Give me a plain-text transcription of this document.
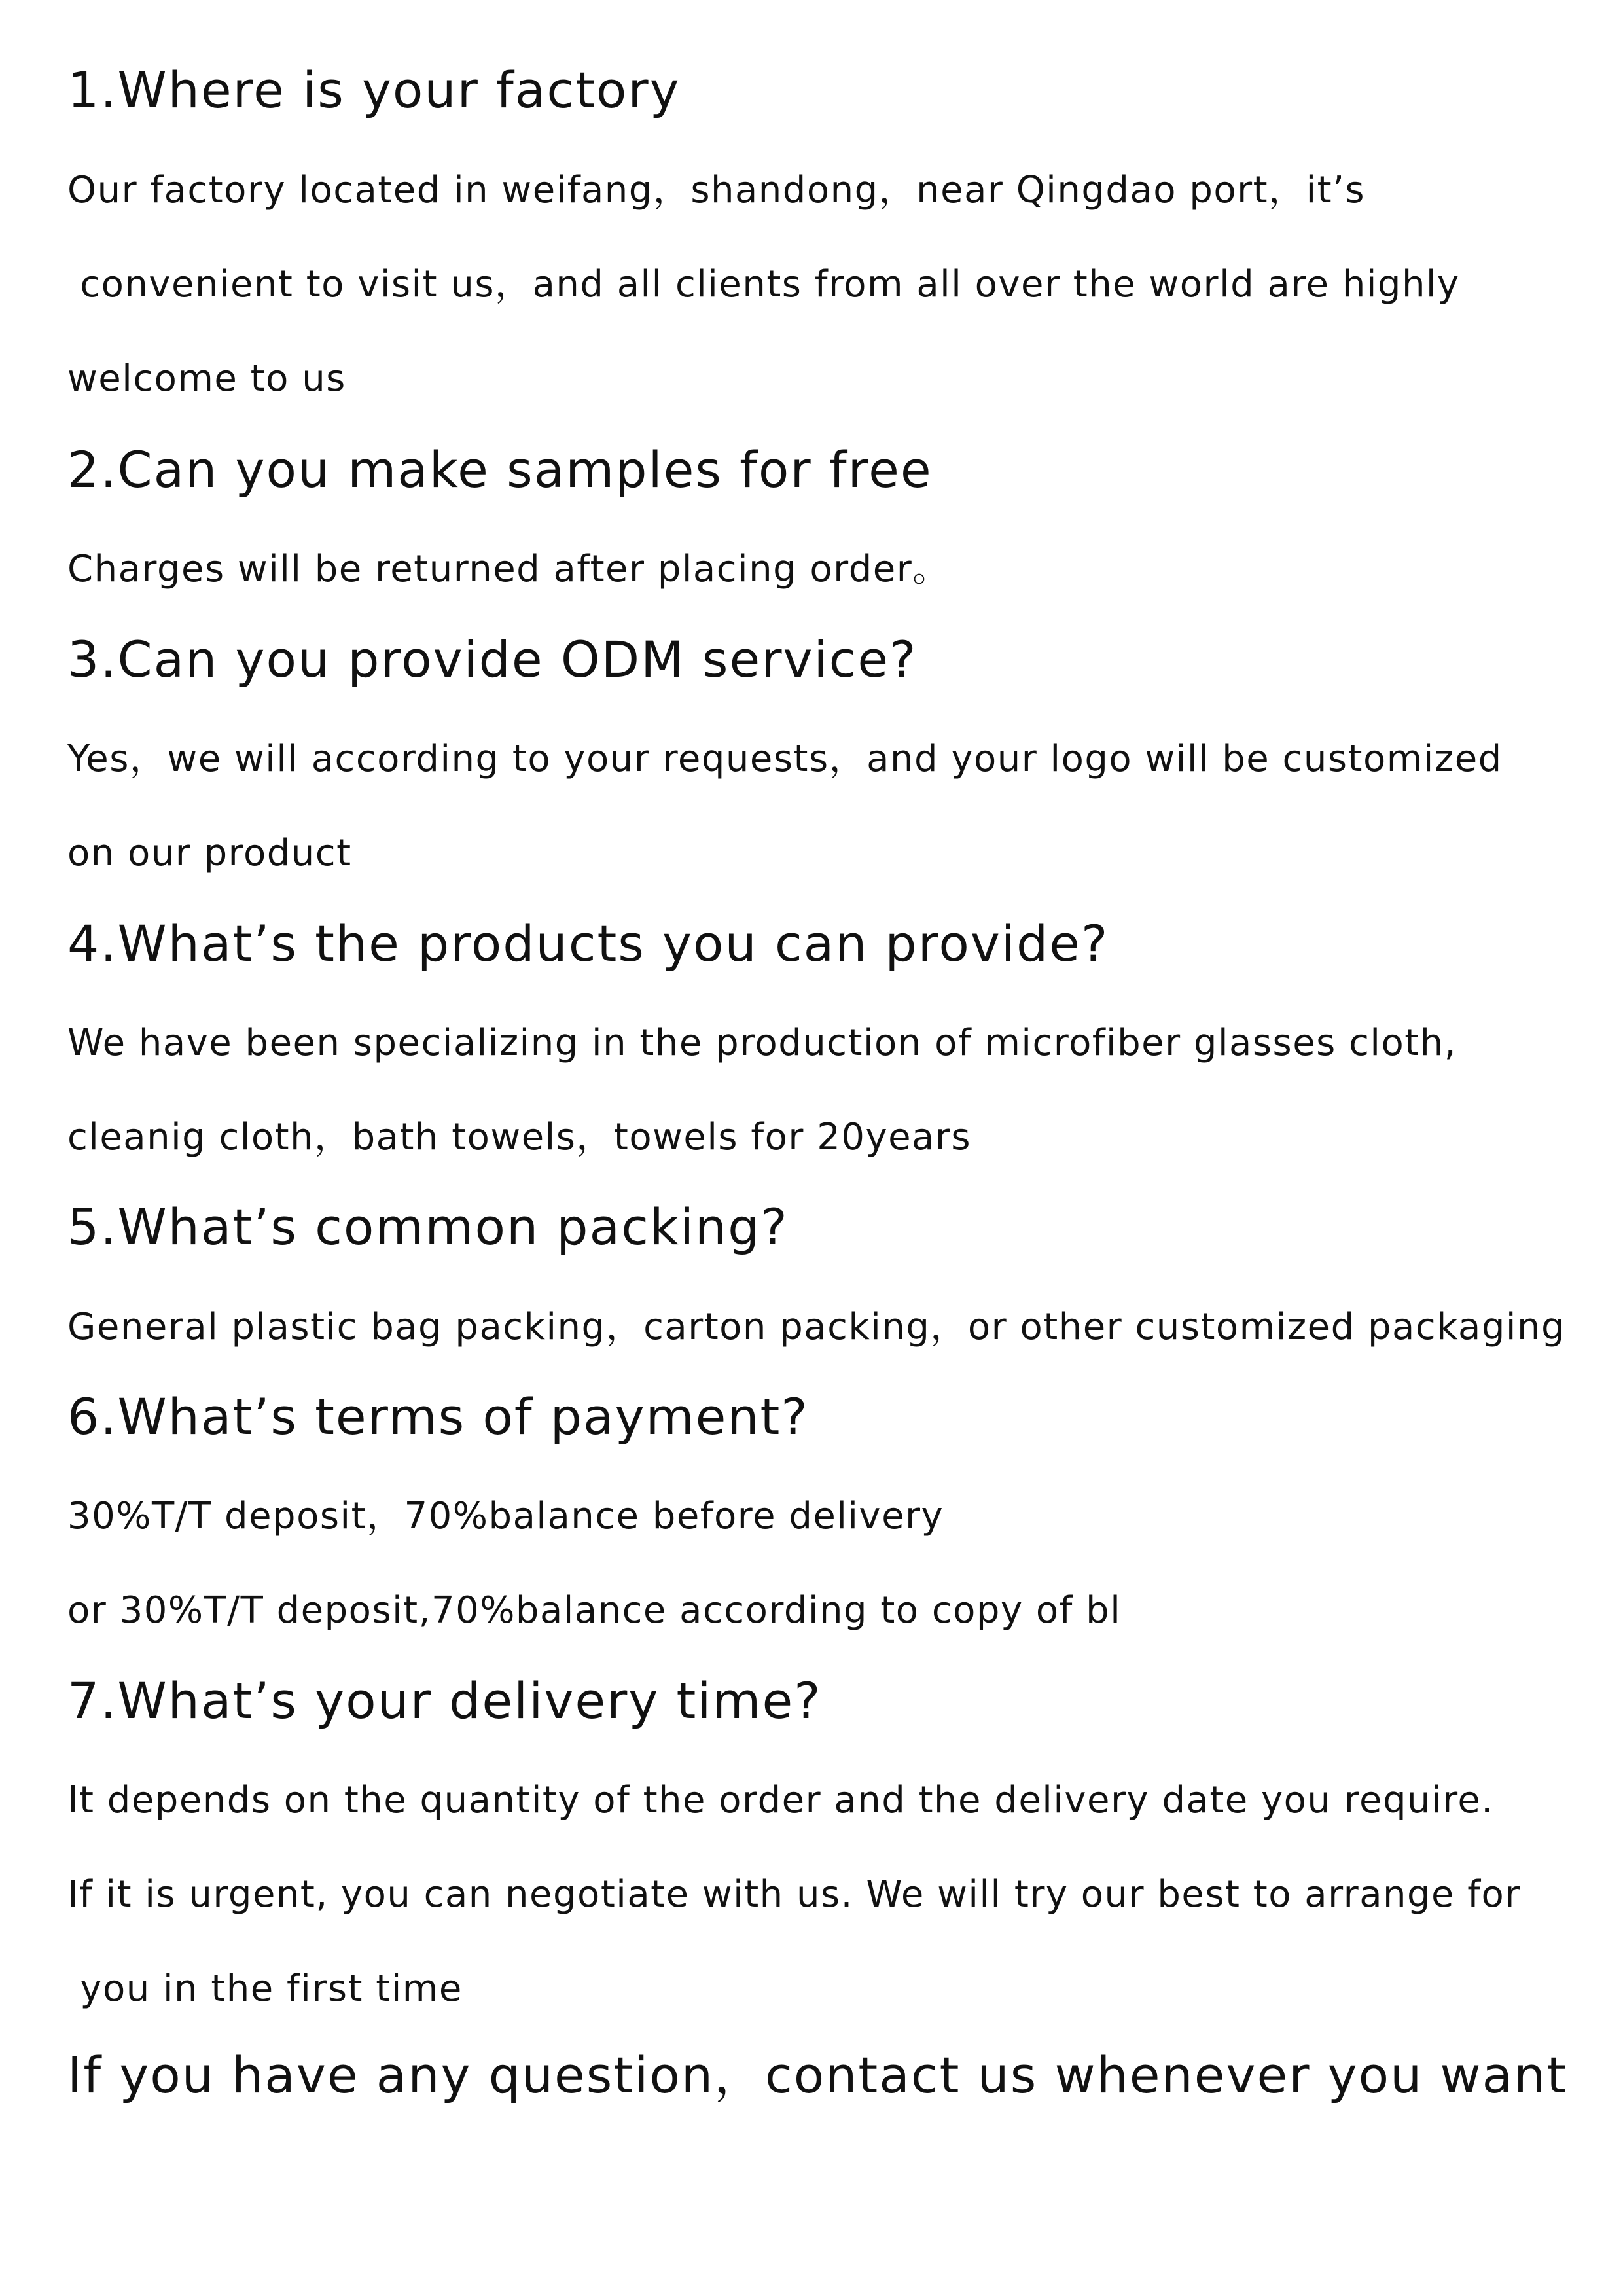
1.Where is your factory

Our factory located in weifang，shandong，near Qingdao port，it’s

convenient to visit us，and all clients from all over the world are highly

welcome to us

2.Can you make samples for free

Charges will be returned after placing order。

3.Can you provide ODM service?

Yes，we will according to your requests，and your logo will be customized

on our product

4.What’s the products you can provide?

We have been specializing in the production of microfiber glasses cloth,

cleanig cloth，bath towels，towels for 20years

5.What’s common packing?

General plastic bag packing，carton packing，or other customized packaging

6.What’s terms of payment?

30%T/T deposit，70%balance before delivery

or 30%T/T deposit,70%balance according to copy of bl

7.What’s your delivery time?

It depends on the quantity of the order and the delivery date you require.

If it is urgent, you can negotiate with us. We will try our best to arrange for

you in the first time

If you have any question，contact us whenever you want
